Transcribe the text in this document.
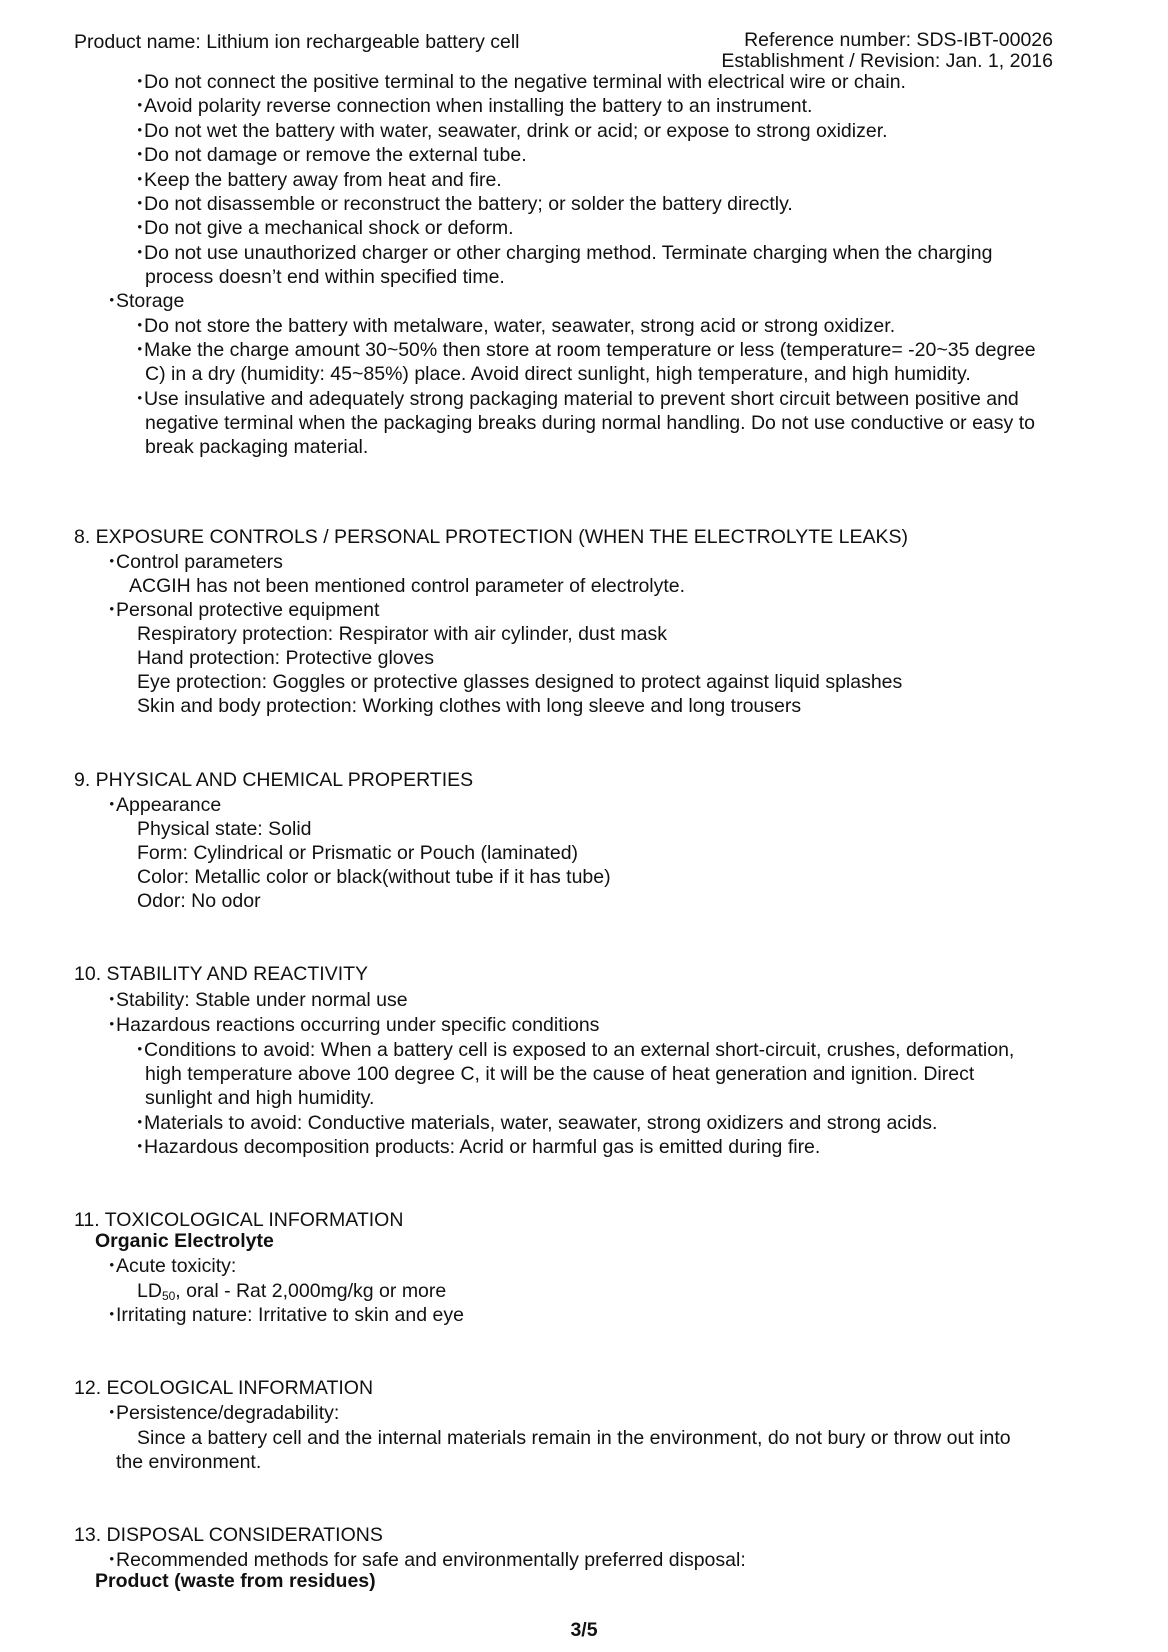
Product name: Lithium ion rechargeable battery cell	Reference number: SDS-IBT-00026
Establishment / Revision: Jan. 1, 2016
・Do not connect the positive terminal to the negative terminal with electrical wire or chain.
・Avoid polarity reverse connection when installing the battery to an instrument.
・Do not wet the battery with water, seawater, drink or acid; or expose to strong oxidizer.
・Do not damage or remove the external tube.
・Keep the battery away from heat and fire.
・Do not disassemble or reconstruct the battery; or solder the battery directly.
・Do not give a mechanical shock or deform.
・Do not use unauthorized charger or other charging method. Terminate charging when the charging
process doesn’t end within specified time.
・Storage
・Do not store the battery with metalware, water, seawater, strong acid or strong oxidizer.
・Make the charge amount 30~50% then store at room temperature or less (temperature= -20~35 degree
C) in a dry (humidity: 45~85%) place. Avoid direct sunlight, high temperature, and high humidity.
・Use insulative and adequately strong packaging material to prevent short circuit between positive and
negative terminal when the packaging breaks during normal handling. Do not use conductive or easy to
break packaging material.
8. EXPOSURE CONTROLS / PERSONAL PROTECTION (WHEN THE ELECTROLYTE LEAKS)
・Control parameters
ACGIH has not been mentioned control parameter of electrolyte.
・Personal protective equipment
Respiratory protection: Respirator with air cylinder, dust mask
Hand protection: Protective gloves
Eye protection: Goggles or protective glasses designed to protect against liquid splashes
Skin and body protection: Working clothes with long sleeve and long trousers
9. PHYSICAL AND CHEMICAL PROPERTIES
・Appearance
Physical state: Solid
Form: Cylindrical or Prismatic or Pouch (laminated)
Color: Metallic color or black(without tube if it has tube)
Odor: No odor
10. STABILITY AND REACTIVITY
・Stability: Stable under normal use
・Hazardous reactions occurring under specific conditions
・Conditions to avoid: When a battery cell is exposed to an external short-circuit, crushes, deformation,
high temperature above 100 degree C, it will be the cause of heat generation and ignition. Direct
sunlight and high humidity.
・Materials to avoid: Conductive materials, water, seawater, strong oxidizers and strong acids.
・Hazardous decomposition products: Acrid or harmful gas is emitted during fire.
11. TOXICOLOGICAL INFORMATION
Organic Electrolyte
・Acute toxicity:
$LD_{50}$, oral - Rat 2,000mg/kg or more
・Irritating nature: Irritative to skin and eye
12. ECOLOGICAL INFORMATION
・Persistence/degradability:
Since a battery cell and the internal materials remain in the environment, do not bury or throw out into
the environment.
13. DISPOSAL CONSIDERATIONS
・Recommended methods for safe and environmentally preferred disposal:
Product (waste from residues)
3/5
